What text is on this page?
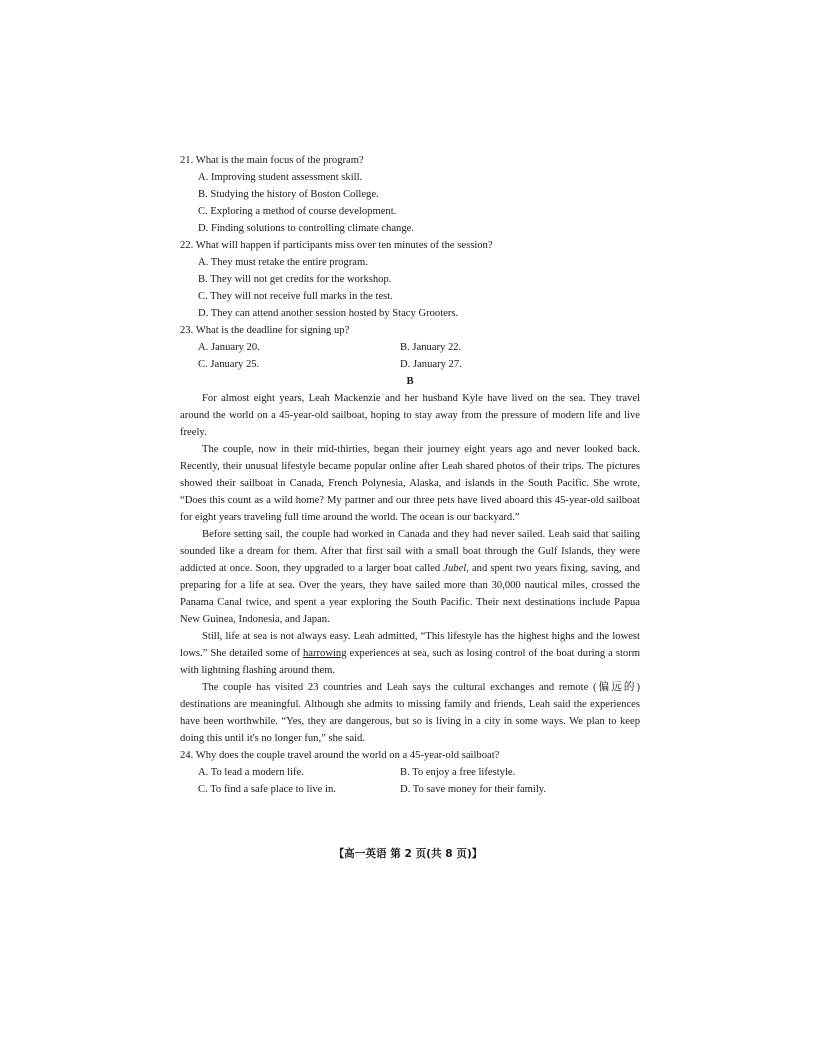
21. What is the main focus of the program?
A. Improving student assessment skill.
B. Studying the history of Boston College.
C. Exploring a method of course development.
D. Finding solutions to controlling climate change.
22. What will happen if participants miss over ten minutes of the session?
A. They must retake the entire program.
B. They will not get credits for the workshop.
C. They will not receive full marks in the test.
D. They can attend another session hosted by Stacy Grooters.
23. What is the deadline for signing up?
A. January 20.	B. January 22.
C. January 25.	D. January 27.
B

For almost eight years, Leah Mackenzie and her husband Kyle have lived on the sea. They travel around the world on a 45-year-old sailboat, hoping to stay away from the pressure of modern life and live freely.

The couple, now in their mid-thirties, began their journey eight years ago and never looked back. Recently, their unusual lifestyle became popular online after Leah shared photos of their trips. The pictures showed their sailboat in Canada, French Polynesia, Alaska, and islands in the South Pacific. She wrote, “Does this count as a wild home? My partner and our three pets have lived aboard this 45-year-old sailboat for eight years traveling full time around the world. The ocean is our backyard.”

Before setting sail, the couple had worked in Canada and they had never sailed. Leah said that sailing sounded like a dream for them. After that first sail with a small boat through the Gulf Islands, they were addicted at once. Soon, they upgraded to a larger boat called Jubel, and spent two years fixing, saving, and preparing for a life at sea. Over the years, they have sailed more than 30,000 nautical miles, crossed the Panama Canal twice, and spent a year exploring the South Pacific. Their next destinations include Papua New Guinea, Indonesia, and Japan.

Still, life at sea is not always easy. Leah admitted, “This lifestyle has the highest highs and the lowest lows.” She detailed some of harrowing experiences at sea, such as losing control of the boat during a storm with lightning flashing around them.

The couple has visited 23 countries and Leah says the cultural exchanges and remote (偏远的) destinations are meaningful. Although she admits to missing family and friends, Leah said the experiences have been worthwhile. “Yes, they are dangerous, but so is living in a city in some ways. We plan to keep doing this until it's no longer fun,” she said.

24. Why does the couple travel around the world on a 45-year-old sailboat?
A. To lead a modern life.	B. To enjoy a free lifestyle.
C. To find a safe place to live in.	D. To save money for their family.
【高一英语 第 2 页(共 8 页)】
